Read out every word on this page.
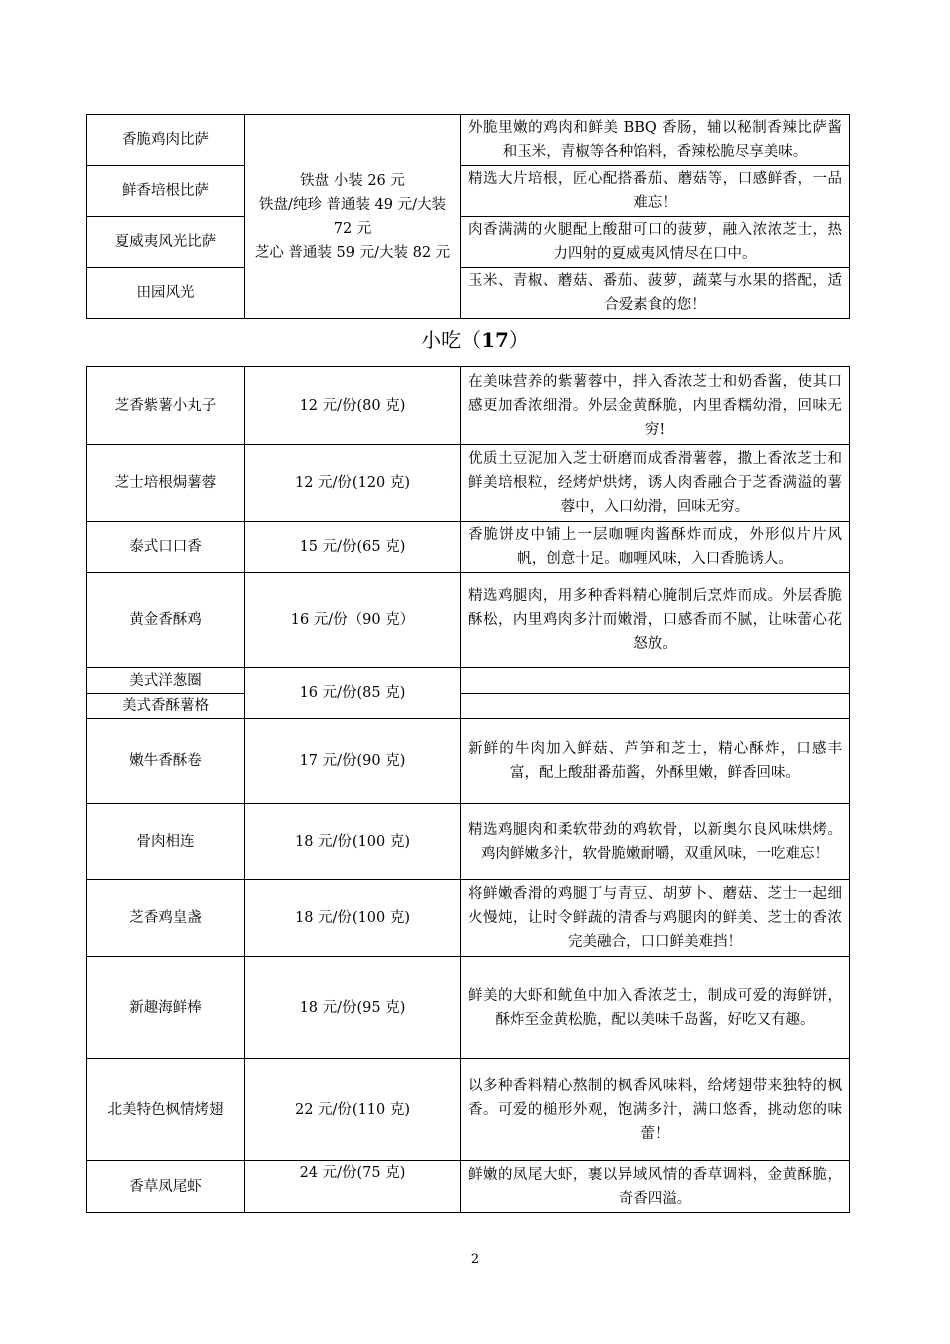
香脆鸡肉比萨	铁盘 小装 26 元
铁盘/纯珍 普通装 49 元/大装 72 元
芝心 普通装 59 元/大装 82 元	外脆里嫩的鸡肉和鲜美 BBQ 香肠，辅以秘制香辣比萨酱和玉米，青椒等各种馅料，香辣松脆尽享美味。
鲜香培根比萨		精选大片培根，匠心配搭番茄、蘑菇等，口感鲜香，一品难忘！
夏威夷风光比萨		肉香满满的火腿配上酸甜可口的菠萝，融入浓浓芝士，热力四射的夏威夷风情尽在口中。
田园风光		玉米、青椒、蘑菇、番茄、菠萝，蔬菜与水果的搭配，适合爱素食的您！
小吃（17）
芝香紫薯小丸子	12 元/份(80 克)	在美味营养的紫薯蓉中，拌入香浓芝士和奶香酱，使其口感更加香浓细滑。外层金黄酥脆，内里香糯幼滑，回味无穷!
芝士培根焗薯蓉	12 元/份(120 克)	优质土豆泥加入芝士研磨而成香滑薯蓉，撒上香浓芝士和鲜美培根粒，经烤炉烘烤，诱人肉香融合于芝香满溢的薯蓉中，入口幼滑，回味无穷。
泰式口口香	15 元/份(65 克)	香脆饼皮中铺上一层咖喱肉酱酥炸而成，外形似片片风帆，创意十足。咖喱风味，入口香脆诱人。
黄金香酥鸡	16 元/份（90 克）	精选鸡腿肉，用多种香料精心腌制后烹炸而成。外层香脆酥松，内里鸡肉多汁而嫩滑，口感香而不腻，让味蕾心花怒放。
美式洋葱圈	16 元/份(85 克)	
美式香酥薯格		
嫩牛香酥卷	17 元/份(90 克)	新鲜的牛肉加入鲜菇、芦笋和芝士，精心酥炸，口感丰富，配上酸甜番茄酱，外酥里嫩，鲜香回味。
骨肉相连	18 元/份(100 克)	精选鸡腿肉和柔软带劲的鸡软骨，以新奥尔良风味烘烤。鸡肉鲜嫩多汁，软骨脆嫩耐嚼，双重风味，一吃难忘！
芝香鸡皇盏	18 元/份(100 克)	将鲜嫩香滑的鸡腿丁与青豆、胡萝卜、蘑菇、芝士一起细火慢炖，让时令鲜蔬的清香与鸡腿肉的鲜美、芝士的香浓完美融合，口口鲜美难挡！
新趣海鲜棒	18 元/份(95 克)	鲜美的大虾和鱿鱼中加入香浓芝士，制成可爱的海鲜饼，酥炸至金黄松脆，配以美味千岛酱，好吃又有趣。
北美特色枫情烤翅	22 元/份(110 克)	以多种香料精心熬制的枫香风味料，给烤翅带来独特的枫香。可爱的槌形外观，饱满多汁，满口悠香，挑动您的味蕾！
香草凤尾虾	24 元/份(75 克)	鲜嫩的凤尾大虾，裹以异域风情的香草调料，金黄酥脆，奇香四溢。
2
